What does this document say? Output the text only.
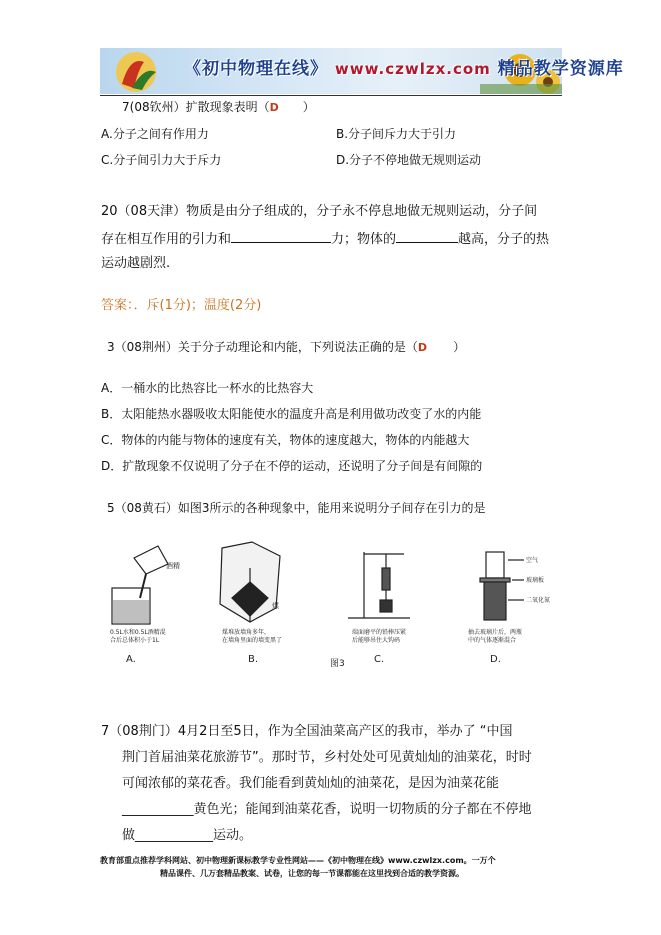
《初中物理在线》 www.czwlzx.com 精品教学资源库
7(08钦州）扩散现象表明（D ）
A.分子之间有作用力	B.分子间斥力大于引力
C.分子间引力大于斥力	D.分子不停地做无规则运动
20（08天津）物质是由分子组成的，分子永不停息地做无规则运动，分子间
存在相互作用的引力和	力；物体的	越高，分子的热
运动越剧烈.
答案：．斥(1分)；温度(2分)
3（08荆州）关于分子动理论和内能，下列说法正确的是（D ）
A．一桶水的比热容比一杯水的比热容大
B．太阳能热水器吸收太阳能使水的温度升高是利用做功改变了水的内能
C．物体的内能与物体的速度有关，物体的速度越大，物体的内能越大
D．扩散现象不仅说明了分子在不停的运动，还说明了分子间是有间隙的
5（08黄石）如图3所示的各种现象中，能用来说明分子间存在引力的是
酒精
0.5L水和0.5L酒精混
合后总体积小于1L
A.
煤
煤堆放墙角多年，
在墙角里面的墙变黑了
B.
端面磨平的铅棒压紧
后能够吊住大钩码
图3	C.
空气
玻璃板
二氧化氮
抽去玻璃片后，两瓶
中的气体逐渐混合
D.
7（08荆门）4月2日至5日，作为全国油菜高产区的我市，举办了 “中国
荆门首届油菜花旅游节”。那时节，乡村处处可见黄灿灿的油菜花，时时
可闻浓郁的菜花香。我们能看到黄灿灿的油菜花，是因为油菜花能
___________黄色光；能闻到油菜花香，说明一切物质的分子都在不停地
做____________运动。
教育部重点推荐学科网站、初中物理新课标教学专业性网站——《初中物理在线》www.czwlzx.com。一万个
精品课件、几万套精品教案、试卷，让您的每一节课都能在这里找到合适的教学资源。
